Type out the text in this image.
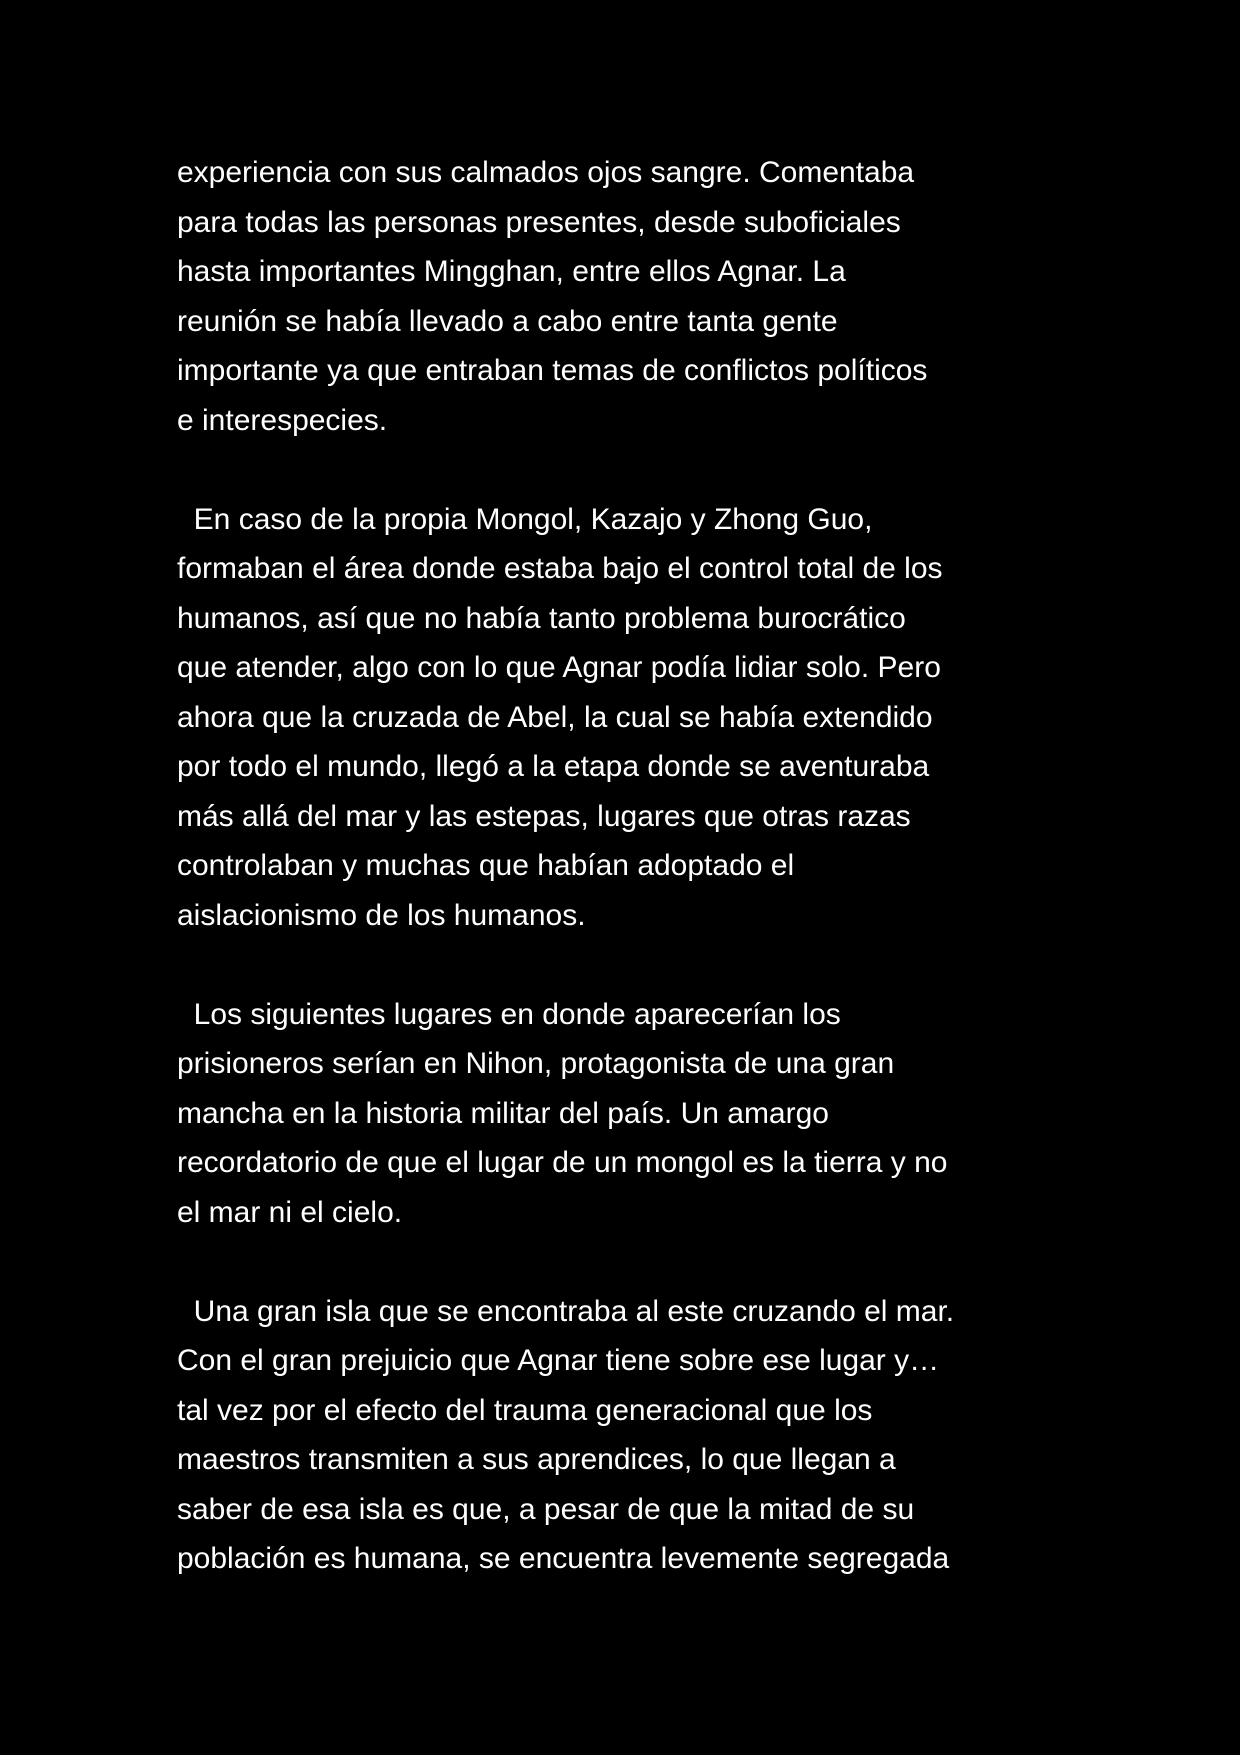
experiencia con sus calmados ojos sangre. Comentaba
para todas las personas presentes, desde suboficiales
hasta importantes Mingghan, entre ellos Agnar. La
reunión se había llevado a cabo entre tanta gente
importante ya que entraban temas de conflictos políticos
e interespecies.

En caso de la propia Mongol, Kazajo y Zhong Guo,
formaban el área donde estaba bajo el control total de los
humanos, así que no había tanto problema burocrático
que atender, algo con lo que Agnar podía lidiar solo. Pero
ahora que la cruzada de Abel, la cual se había extendido
por todo el mundo, llegó a la etapa donde se aventuraba
más allá del mar y las estepas, lugares que otras razas
controlaban y muchas que habían adoptado el
aislacionismo de los humanos.

Los siguientes lugares en donde aparecerían los
prisioneros serían en Nihon, protagonista de una gran
mancha en la historia militar del país. Un amargo
recordatorio de que el lugar de un mongol es la tierra y no
el mar ni el cielo.

Una gran isla que se encontraba al este cruzando el mar.
Con el gran prejuicio que Agnar tiene sobre ese lugar y…
tal vez por el efecto del trauma generacional que los
maestros transmiten a sus aprendices, lo que llegan a
saber de esa isla es que, a pesar de que la mitad de su
población es humana, se encuentra levemente segregada
